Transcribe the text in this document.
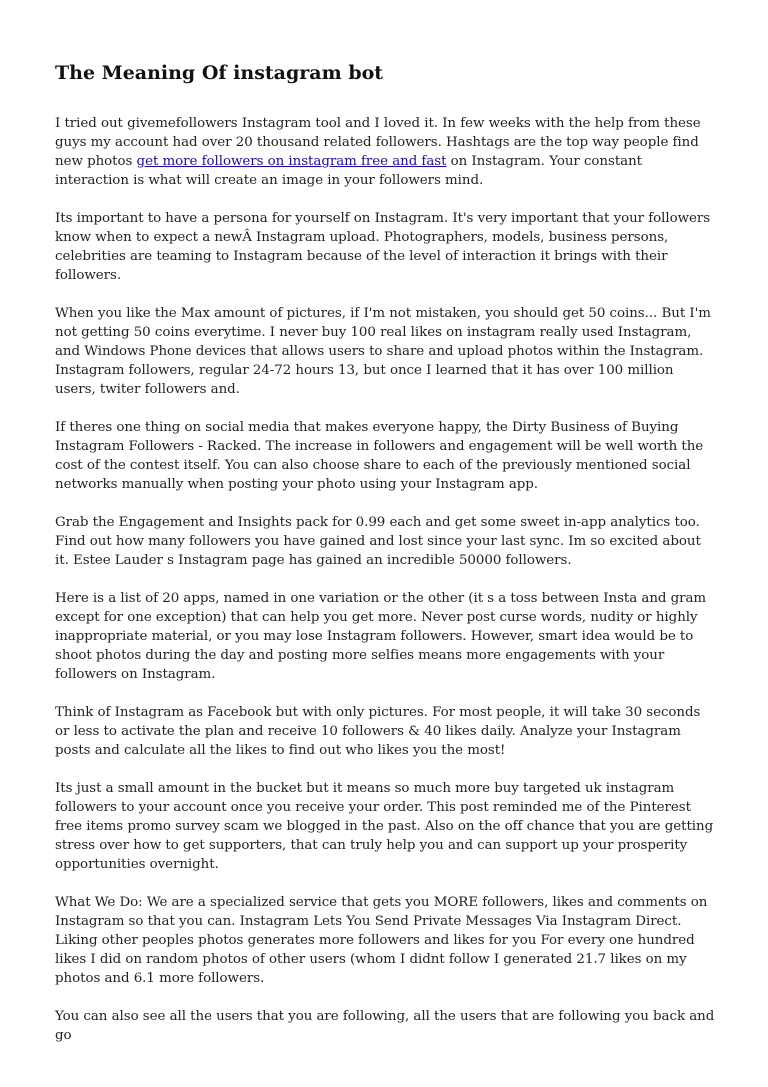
The Meaning Of instagram bot

I tried out givemefollowers Instagram tool and I loved it. In few weeks with the help from these guys my account had over 20 thousand related followers. Hashtags are the top way people find new photos get more followers on instagram free and fast on Instagram. Your constant interaction is what will create an image in your followers mind.

Its important to have a persona for yourself on Instagram. It's very important that your followers know when to expect a newÂ Instagram upload. Photographers, models, business persons, celebrities are teaming to Instagram because of the level of interaction it brings with their followers.

When you like the Max amount of pictures, if I'm not mistaken, you should get 50 coins... But I'm not getting 50 coins everytime. I never buy 100 real likes on instagram really used Instagram, and Windows Phone devices that allows users to share and upload photos within the Instagram. Instagram followers, regular 24-72 hours 13, but once I learned that it has over 100 million users, twiter followers and.

If theres one thing on social media that makes everyone happy, the Dirty Business of Buying Instagram Followers - Racked. The increase in followers and engagement will be well worth the cost of the contest itself. You can also choose share to each of the previously mentioned social networks manually when posting your photo using your Instagram app.

Grab the Engagement and Insights pack for 0.99 each and get some sweet in-app analytics too. Find out how many followers you have gained and lost since your last sync. Im so excited about it. Estee Lauder s Instagram page has gained an incredible 50000 followers.

Here is a list of 20 apps, named in one variation or the other (it s a toss between Insta and gram except for one exception) that can help you get more. Never post curse words, nudity or highly inappropriate material, or you may lose Instagram followers. However, smart idea would be to shoot photos during the day and posting more selfies means more engagements with your followers on Instagram.

Think of Instagram as Facebook but with only pictures. For most people, it will take 30 seconds or less to activate the plan and receive 10 followers & 40 likes daily. Analyze your Instagram posts and calculate all the likes to find out who likes you the most!

Its just a small amount in the bucket but it means so much more buy targeted uk instagram followers to your account once you receive your order. This post reminded me of the Pinterest free items promo survey scam we blogged in the past. Also on the off chance that you are getting stress over how to get supporters, that can truly help you and can support up your prosperity opportunities overnight.

What We Do: We are a specialized service that gets you MORE followers, likes and comments on Instagram so that you can. Instagram Lets You Send Private Messages Via Instagram Direct. Liking other peoples photos generates more followers and likes for you For every one hundred likes I did on random photos of other users (whom I didnt follow I generated 21.7 likes on my photos and 6.1 more followers.

You can also see all the users that you are following, all the users that are following you back and go
